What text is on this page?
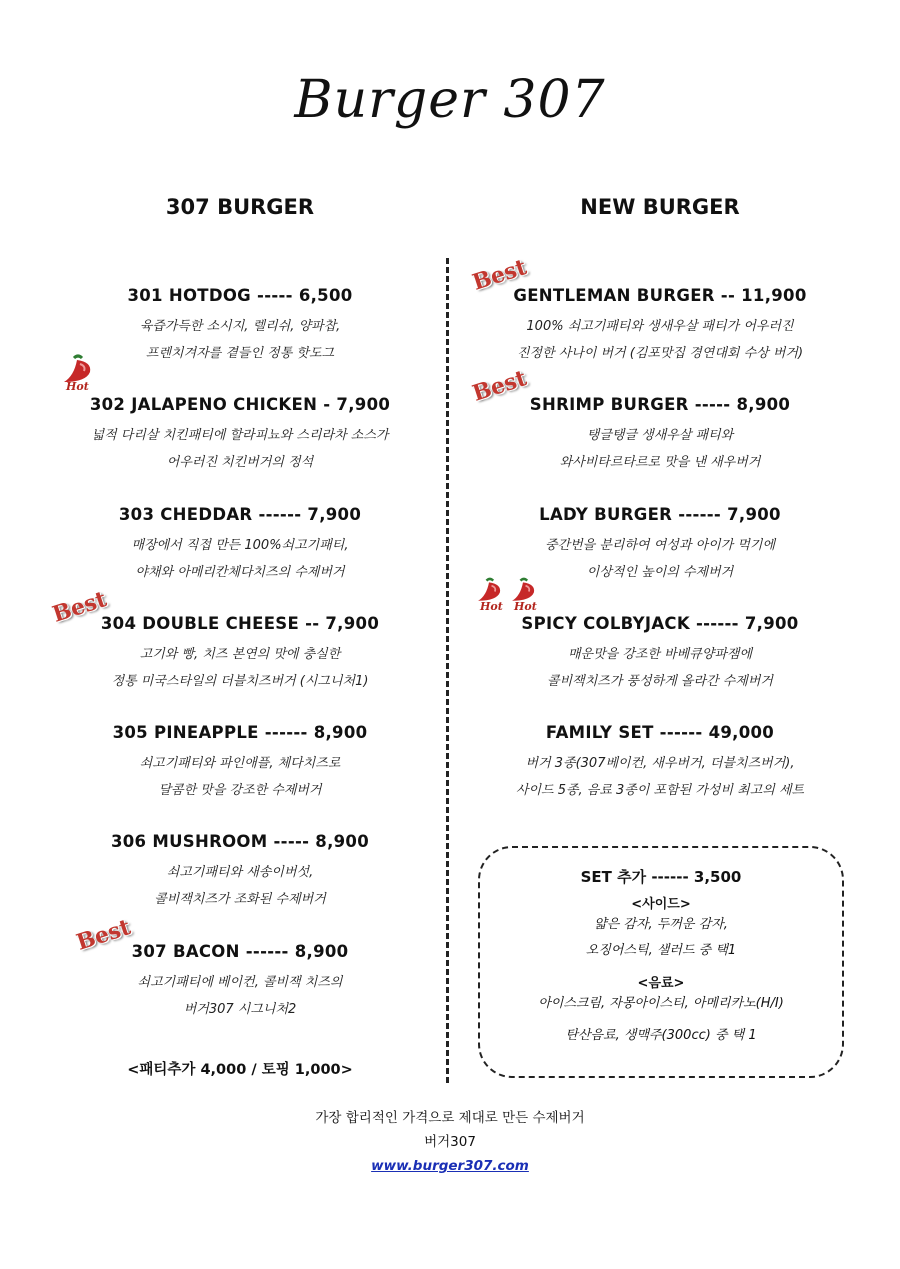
Burger 307
307 BURGER	NEW BURGER
301 HOTDOG ----- 6,500
육즙가득한 소시지, 렐리쉬, 양파찹,
프렌치겨자를 곁들인 정통 핫도그
302 JALAPENO CHICKEN - 7,900
넓적 다리살 치킨패티에 할라피뇨와 스리라차 소스가
어우러진 치킨버거의 정석
303 CHEDDAR ------ 7,900
매장에서 직접 만든 100%쇠고기패티,
야채와 아메리칸체다치즈의 수제버거
304 DOUBLE CHEESE -- 7,900
고기와 빵, 치즈 본연의 맛에 충실한
정통 미국스타일의 더블치즈버거 (시그니처1)
305 PINEAPPLE ------ 8,900
쇠고기패티와 파인애플, 체다치즈로
달콤한 맛을 강조한 수제버거
306 MUSHROOM ----- 8,900
쇠고기패티와 새송이버섯,
콜비잭치즈가 조화된 수제버거
307 BACON ------ 8,900
쇠고기패티에 베이컨, 콜비잭 치즈의
버거307 시그니처2
<패티추가 4,000 / 토핑 1,000>
GENTLEMAN BURGER -- 11,900
100% 쇠고기패티와 생새우살 패티가 어우러진
진정한 사나이 버거 (김포맛집 경연대회 수상 버거)
SHRIMP BURGER ----- 8,900
탱글탱글 생새우살 패티와
와사비타르타르로 맛을 낸 새우버거
LADY BURGER ------ 7,900
중간번을 분리하여 여성과 아이가 먹기에
이상적인 높이의 수제버거
SPICY COLBYJACK ------ 7,900
매운맛을 강조한 바베큐양파잼에
콜비잭치즈가 풍성하게 올라간 수제버거
FAMILY SET ------ 49,000
버거 3종(307베이컨, 새우버거, 더블치즈버거),
사이드 5종, 음료 3종이 포함된 가성비 최고의 세트
SET 추가 ------ 3,500
<사이드>
얇은 감자, 두꺼운 감자,
오징어스틱, 샐러드 중 택1
<음료>
아이스크림, 자몽아이스티, 아메리카노(H/I)
탄산음료, 생맥주(300cc) 중 택 1
Best
Best
Best
Best
Hot
Hot Hot
가장 합리적인 가격으로 제대로 만든 수제버거
버거307
www.burger307.com
